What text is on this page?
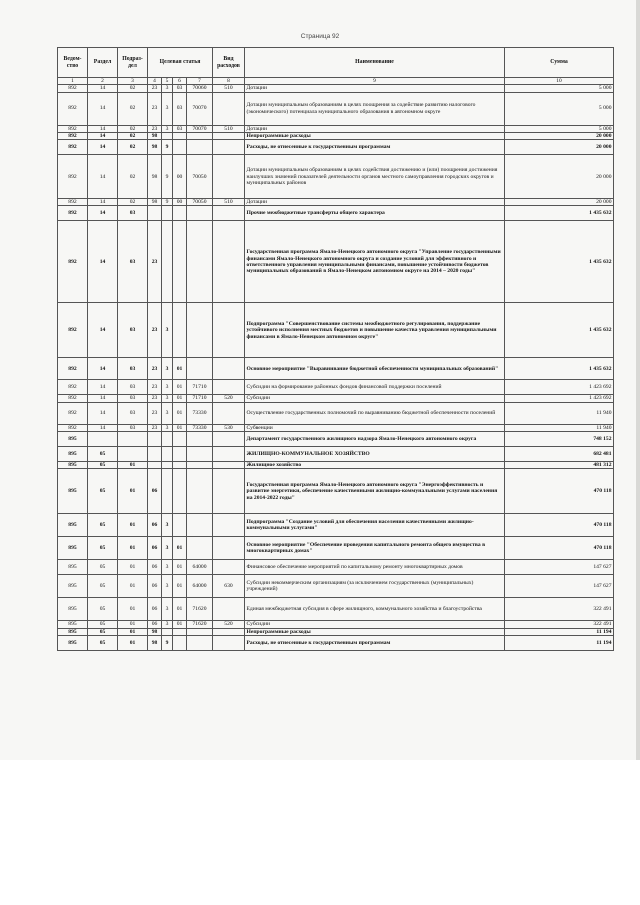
Страница 92
Ведом-ство	Раздел	Подраз-дел	Целевая статья				Вид расходов	Наименование	Сумма
1	2	3	4	5	6	7	8	9	10
892	14	02	23	3	03	70060	510	Дотации	5 000
892	14	02	23	3	03	70070		Дотации муниципальным образованиям в целях поощрения за содействие развитию налогового (экономического) потенциала муниципального образования в автономном округе	5 000
892	14	02	23	3	03	70070	510	Дотации	5 000
892	14	02	98					Непрограммные расходы	20 000
892	14	02	98	9				Расходы, не отнесенные к государственным программам	20 000
892	14	02	98	9	00	70050		Дотации муниципальным образованиям в целях содействия достижению и (или) поощрения достижения наилучших значений показателей деятельности органов местного самоуправления городских округов и муниципальных районов	20 000
892	14	02	98	9	00	70050	510	Дотации	20 000
892	14	03						Прочие межбюджетные трансферты общего характера	1 435 632
892	14	03	23					Государственная программа Ямало-Ненецкого автономного округа "Управление государственными финансами Ямало-Ненецкого автономного округа и создание условий для эффективного и ответственного управления муниципальными финансами, повышение устойчивости бюджетов муниципальных образований в Ямало-Ненецком автономном округе на 2014 – 2020 годы"	1 435 632
892	14	03	23	3				Подпрограмма "Совершенствование системы межбюджетного регулирования, поддержание устойчивого исполнения местных бюджетов и повышение качества управления муниципальными финансами в Ямало-Ненецком автономном округе"	1 435 632
892	14	03	23	3	01			Основное мероприятие "Выравнивание бюджетной обеспеченности муниципальных образований"	1 435 632
892	14	03	23	3	01	71710		Субсидии на формирование районных фондов финансовой поддержки поселений	1 423 692
892	14	03	23	3	01	71710	520	Субсидии	1 423 692
892	14	03	23	3	01	73330		Осуществление государственных полномочий по выравниванию бюджетной обеспеченности поселений	11 940
892	14	03	23	3	01	73330	530	Субвенции	11 940
895								Департамент государственного жилищного надзора Ямало-Ненецкого автономного округа	748 152
895	05							ЖИЛИЩНО-КОММУНАЛЬНОЕ ХОЗЯЙСТВО	682 481
895	05	01						Жилищное хозяйство	481 312
895	05	01	06					Государственная программа Ямало-Ненецкого автономного округа "Энергоэффективность и развитие энергетики, обеспечение качественными жилищно-коммунальными услугами населения на 2014-2022 годы"	470 118
895	05	01	06	3				Подпрограмма "Создание условий для обеспечения населения качественными жилищно-коммунальными услугами"	470 118
895	05	01	06	3	01			Основное мероприятие "Обеспечение проведения капитального ремонта общего имущества в многоквартирных домах"	470 118
895	05	01	06	3	01	64000		Финансовое обеспечение мероприятий по капитальному ремонту многоквартирных домов	147 627
895	05	01	06	3	01	64000	630	Субсидии некоммерческим организациям (за исключением государственных (муниципальных) учреждений)	147 627
895	05	01	06	3	01	71620		Единая межбюджетная субсидия в сфере жилищного, коммунального хозяйства и благоустройства	322 491
895	05	01	06	3	01	71620	520	Субсидии	322 491
895	05	01	98					Непрограммные расходы	11 194
895	05	01	98	9				Расходы, не отнесенные к государственным программам	11 194
